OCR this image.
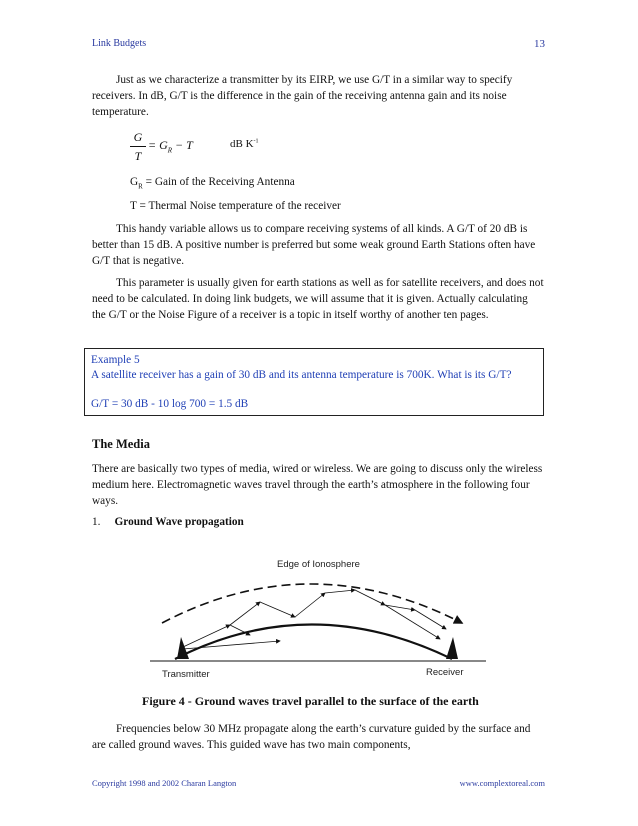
Link Budgets	13

Just as we characterize a transmitter by its EIRP, we use G/T in a similar way to specify receivers. In dB, G/T is the difference in the gain of the receiving antenna gain and its noise temperature.

G
T
= $G_R - T$	dB $K^{-1}$
$G_R$ = Gain of the Receiving Antenna
T = Thermal Noise temperature of the receiver

This handy variable allows us to compare receiving systems of all kinds. A G/T of 20 dB is better than 15 dB. A positive number is preferred but some weak ground Earth Stations often have G/T that is negative.

This parameter is usually given for earth stations as well as for satellite receivers, and does not need to be calculated. In doing link budgets, we will assume that it is given. Actually calculating the G/T or the Noise Figure of a receiver is a topic in itself worthy of another ten pages.

Example 5
A satellite receiver has a gain of 30 dB and its antenna temperature is 700K. What is its G/T?
G/T = 30 dB - 10 log 700 = 1.5 dB
The Media

There are basically two types of media, wired or wireless. We are going to discuss only the wireless medium here. Electromagnetic waves travel through the earth’s atmosphere in the following four ways.

1. Ground Wave propagation
Edge of Ionosphere
Transmitter	Receiver
Figure 4 - Ground waves travel parallel to the surface of the earth

Frequencies below 30 MHz propagate along the earth’s curvature guided by the surface and are called ground waves. This guided wave has two main components,

Copyright 1998 and 2002 Charan Langton	www.complextoreal.com
